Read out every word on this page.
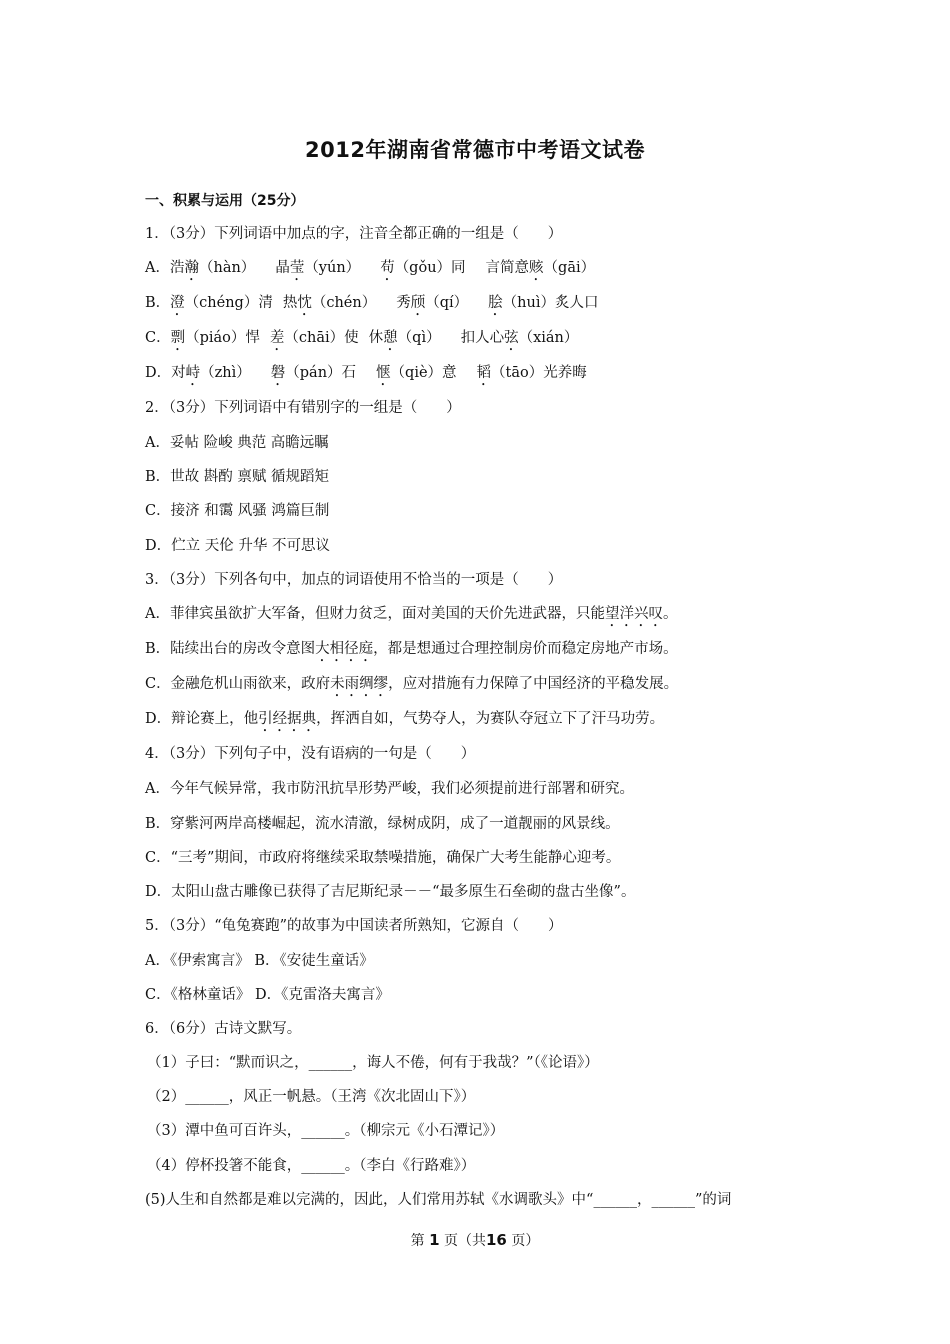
2012年湖南省常德市中考语文试卷
一、积累与运用（25分）
1．（3分）下列词语中加点的字，注音全都正确的一组是（　　）
A．浩瀚（hàn） 晶莹（yún） 苟（gǒu）同 言简意赅（gāi）
B．澄（chéng）清 热忱（chén） 秀颀（qí） 脍（huì）炙人口
C．剽（piáo）悍 差（chāi）使 休憩（qì） 扣人心弦（xián）
D．对峙（zhì） 磐（pán）石 惬（qiè）意 韬（tāo）光养晦
2．（3分）下列词语中有错别字的一组是（　　）
A．妥帖 险峻 典范 高瞻远瞩
B．世故 斟酌 禀赋 循规蹈矩
C．接济 和霭 风骚 鸿篇巨制
D．伫立 天伦 升华 不可思议
3．（3分）下列各句中，加点的词语使用不恰当的一项是（　　）
A．菲律宾虽欲扩大军备，但财力贫乏，面对美国的天价先进武器，只能望洋兴叹。
B．陆续出台的房改令意图大相径庭，都是想通过合理控制房价而稳定房地产市场。
C．金融危机山雨欲来，政府未雨绸缪，应对措施有力保障了中国经济的平稳发展。
D．辩论赛上，他引经据典，挥洒自如，气势夺人，为赛队夺冠立下了汗马功劳。
4．（3分）下列句子中，没有语病的一句是（　　）
A．今年气候异常，我市防汛抗旱形势严峻，我们必须提前进行部署和研究。
B．穿紫河两岸高楼崛起，流水清澈，绿树成阴，成了一道靓丽的风景线。
C．“三考”期间，市政府将继续采取禁噪措施，确保广大考生能静心迎考。
D．太阳山盘古雕像已获得了吉尼斯纪录－－“最多原生石垒砌的盘古坐像”。
5．（3分）“龟兔赛跑”的故事为中国读者所熟知，它源自（　　）
A．《伊索寓言》 B．《安徒生童话》
C．《格林童话》 D．《克雷洛夫寓言》
6．（6分）古诗文默写。
（1）子曰：“默而识之，______，诲人不倦，何有于我哉？”（《论语》）
（2）______，风正一帆悬。（王湾《次北固山下》）
（3）潭中鱼可百许头，______。（柳宗元《小石潭记》）
（4）停杯投箸不能食，______。（李白《行路难》）
(5)人生和自然都是难以完满的，因此，人们常用苏轼《水调歌头》中“______，______”的词
第 1 页（共16 页）
